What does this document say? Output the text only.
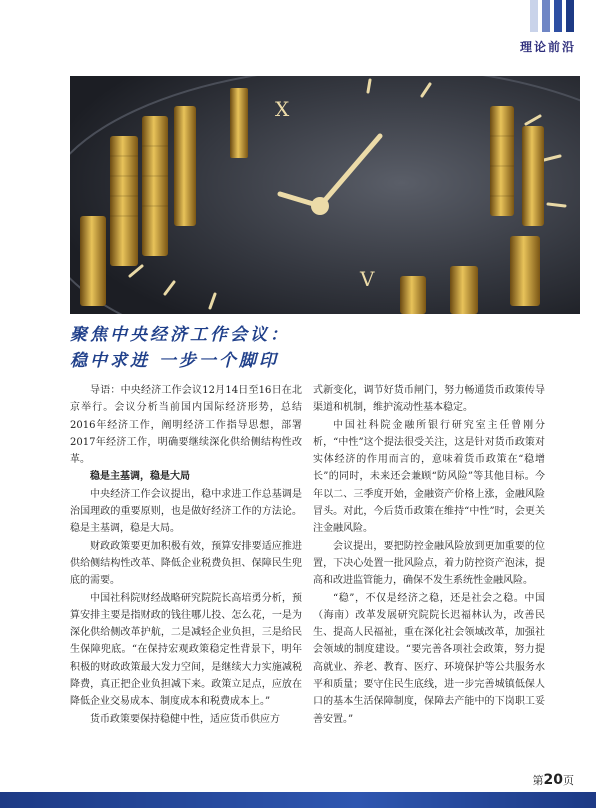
理论前沿
X
V
聚焦中央经济工作会议：
稳中求进 一步一个脚印

导语：中央经济工作会议12月14日至16日在北京举行。会议分析当前国内国际经济形势，总结2016年经济工作，阐明经济工作指导思想，部署2017年经济工作，明确要继续深化供给侧结构性改革。

稳是主基调，稳是大局

中央经济工作会议提出，稳中求进工作总基调是治国理政的重要原则，也是做好经济工作的方法论。稳是主基调，稳是大局。

财政政策要更加积极有效，预算安排要适应推进供给侧结构性改革、降低企业税费负担、保障民生兜底的需要。

中国社科院财经战略研究院院长高培勇分析，预算安排主要是指财政的钱往哪儿投、怎么花，一是为深化供给侧改革护航，二是减轻企业负担，三是给民生保障兜底。“在保持宏观政策稳定性背景下，明年积极的财政政策最大发力空间，是继续大力实施减税降费，真正把企业负担减下来。政策立足点，应放在降低企业交易成本、制度成本和税费成本上。”

货币政策要保持稳健中性，适应货币供应方

式新变化，调节好货币闸门，努力畅通货币政策传导渠道和机制，维护流动性基本稳定。

中国社科院金融所银行研究室主任曾刚分析，“中性”这个提法很受关注，这是针对货币政策对实体经济的作用而言的，意味着货币政策在“稳增长”的同时，未来还会兼顾“防风险”等其他目标。今年以二、三季度开始，金融资产价格上涨，金融风险冒头。对此，今后货币政策在维持“中性”时，会更关注金融风险。

会议提出，要把防控金融风险放到更加重要的位置，下决心处置一批风险点，着力防控资产泡沫，提高和改进监管能力，确保不发生系统性金融风险。

“稳”，不仅是经济之稳，还是社会之稳。中国（海南）改革发展研究院院长迟福林认为，改善民生、提高人民福祉，重在深化社会领域改革，加强社会领域的制度建设。“要完善各项社会政策，努力提高就业、养老、教育、医疗、环境保护等公共服务水平和质量；要守住民生底线，进一步完善城镇低保人口的基本生活保障制度，保障去产能中的下岗职工妥善安置。”

第20页
